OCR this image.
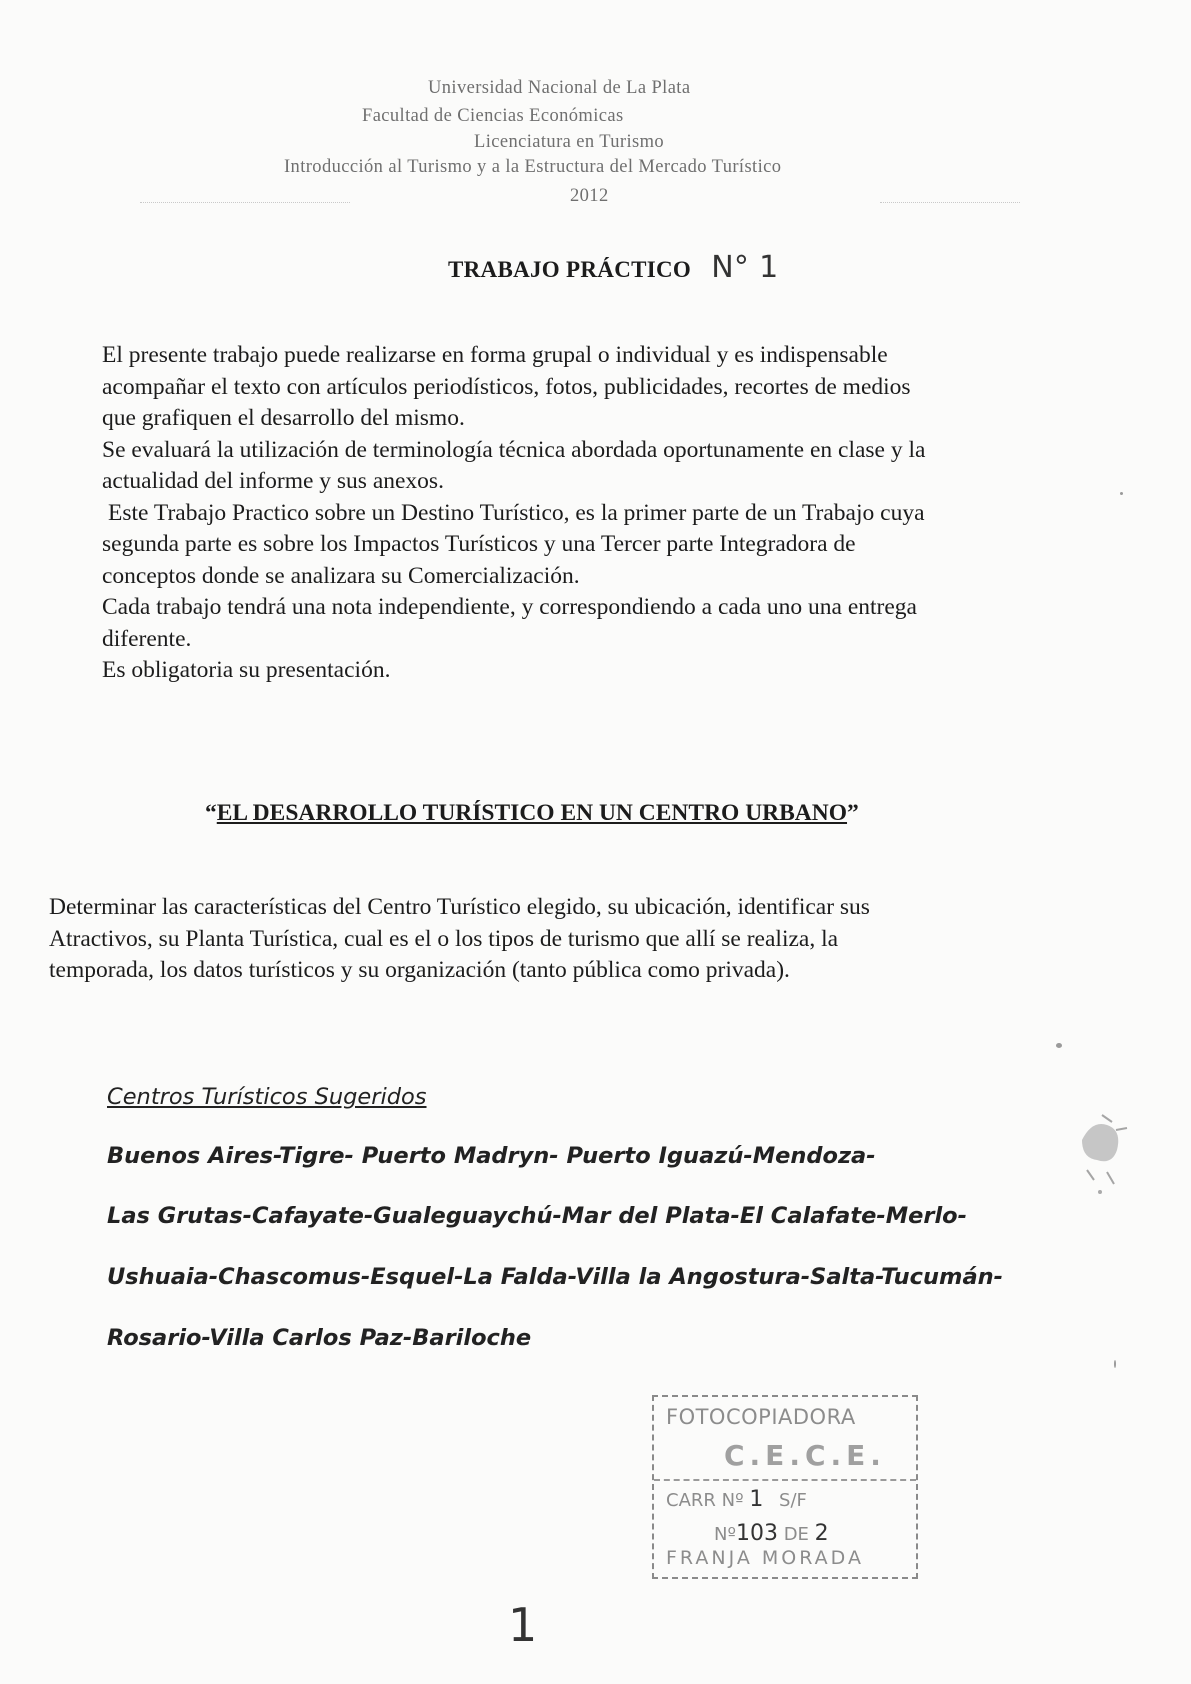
Universidad Nacional de La Plata
Facultad de Ciencias Económicas
Licenciatura en Turismo
Introducción al Turismo y a la Estructura del Mercado Turístico
2012
TRABAJO PRÁCTICO N° 1
El presente trabajo puede realizarse en forma grupal o individual y es indispensable
acompañar el texto con artículos periodísticos, fotos, publicidades, recortes de medios
que grafiquen el desarrollo del mismo.
Se evaluará la utilización de terminología técnica abordada oportunamente en clase y la
actualidad del informe y sus anexos.
Este Trabajo Practico sobre un Destino Turístico, es la primer parte de un Trabajo cuya
segunda parte es sobre los Impactos Turísticos y una Tercer parte Integradora de
conceptos donde se analizara su Comercialización.
Cada trabajo tendrá una nota independiente, y correspondiendo a cada uno una entrega
diferente.
Es obligatoria su presentación.
“EL DESARROLLO TURÍSTICO EN UN CENTRO URBANO”
Determinar las características del Centro Turístico elegido, su ubicación, identificar sus
Atractivos, su Planta Turística, cual es el o los tipos de turismo que allí se realiza, la
temporada, los datos turísticos y su organización (tanto pública como privada).
Centros Turísticos Sugeridos
Buenos Aires-Tigre- Puerto Madryn- Puerto Iguazú-Mendoza-
Las Grutas-Cafayate-Gualeguaychú-Mar del Plata-El Calafate-Merlo-
Ushuaia-Chascomus-Esquel-La Falda-Villa la Angostura-Salta-Tucumán-
Rosario-Villa Carlos Paz-Bariloche
FOTOCOPIADORA
C.E.C.E.
CARR Nº 1 S/F
Nº103 DE 2
FRANJA MORADA
1
